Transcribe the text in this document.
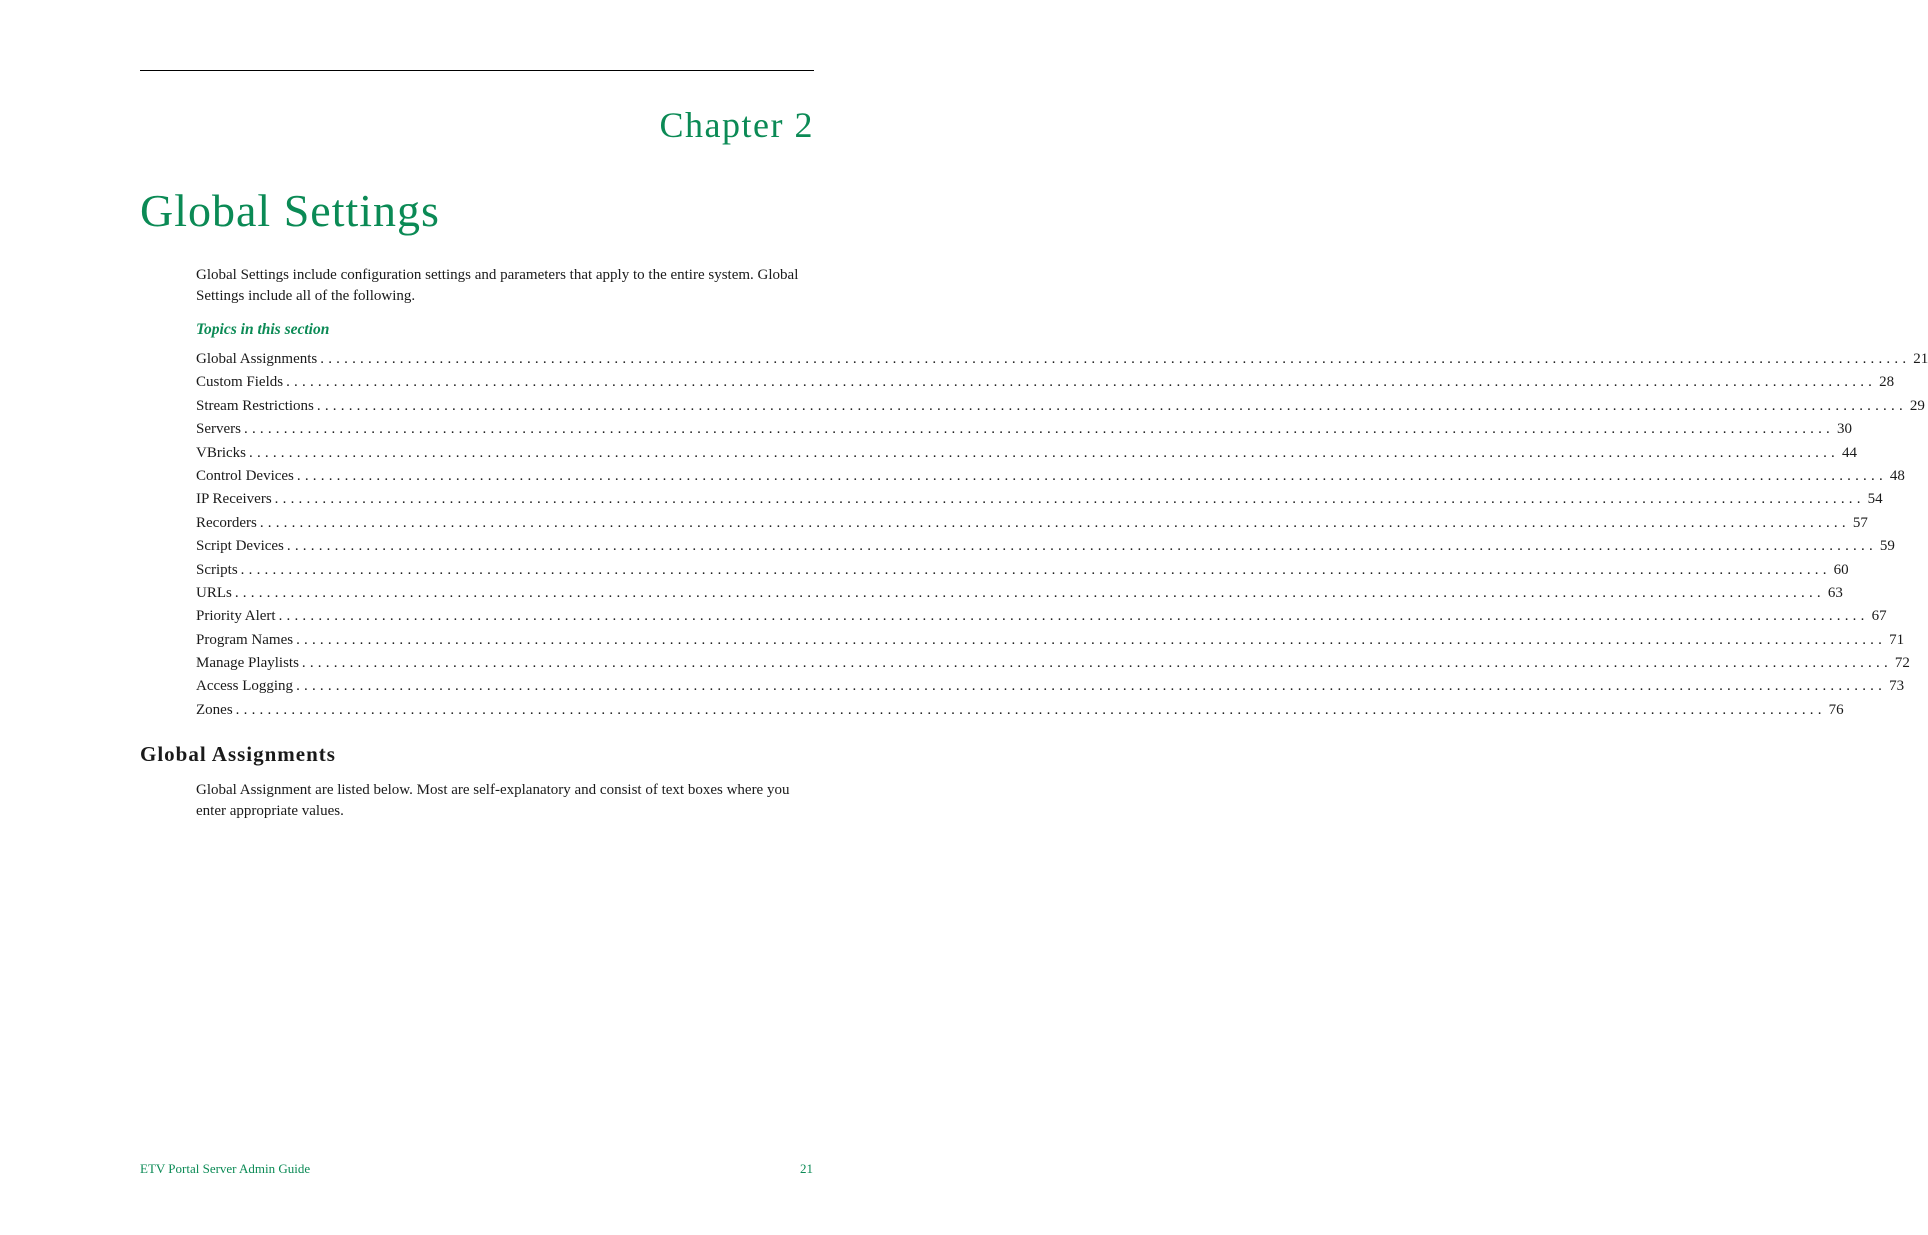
Chapter 2
Global Settings

Global Settings include configuration settings and parameters that apply to the entire system. Global Settings include all of the following.

Topics in this section
Global Assignments ........................................................................................................................................................................................................ 21
Custom Fields ........................................................................................................................................................................................................ 28
Stream Restrictions ........................................................................................................................................................................................................ 29
Servers ........................................................................................................................................................................................................ 30
VBricks ........................................................................................................................................................................................................ 44
Control Devices ........................................................................................................................................................................................................ 48
IP Receivers ........................................................................................................................................................................................................ 54
Recorders ........................................................................................................................................................................................................ 57
Script Devices ........................................................................................................................................................................................................ 59
Scripts ........................................................................................................................................................................................................ 60
URLs ........................................................................................................................................................................................................ 63
Priority Alert ........................................................................................................................................................................................................ 67
Program Names ........................................................................................................................................................................................................ 71
Manage Playlists ........................................................................................................................................................................................................ 72
Access Logging ........................................................................................................................................................................................................ 73
Zones ........................................................................................................................................................................................................ 76
Global Assignments

Global Assignment are listed below. Most are self-explanatory and consist of text boxes where you enter appropriate values.

ETV Portal Server Admin Guide	21
